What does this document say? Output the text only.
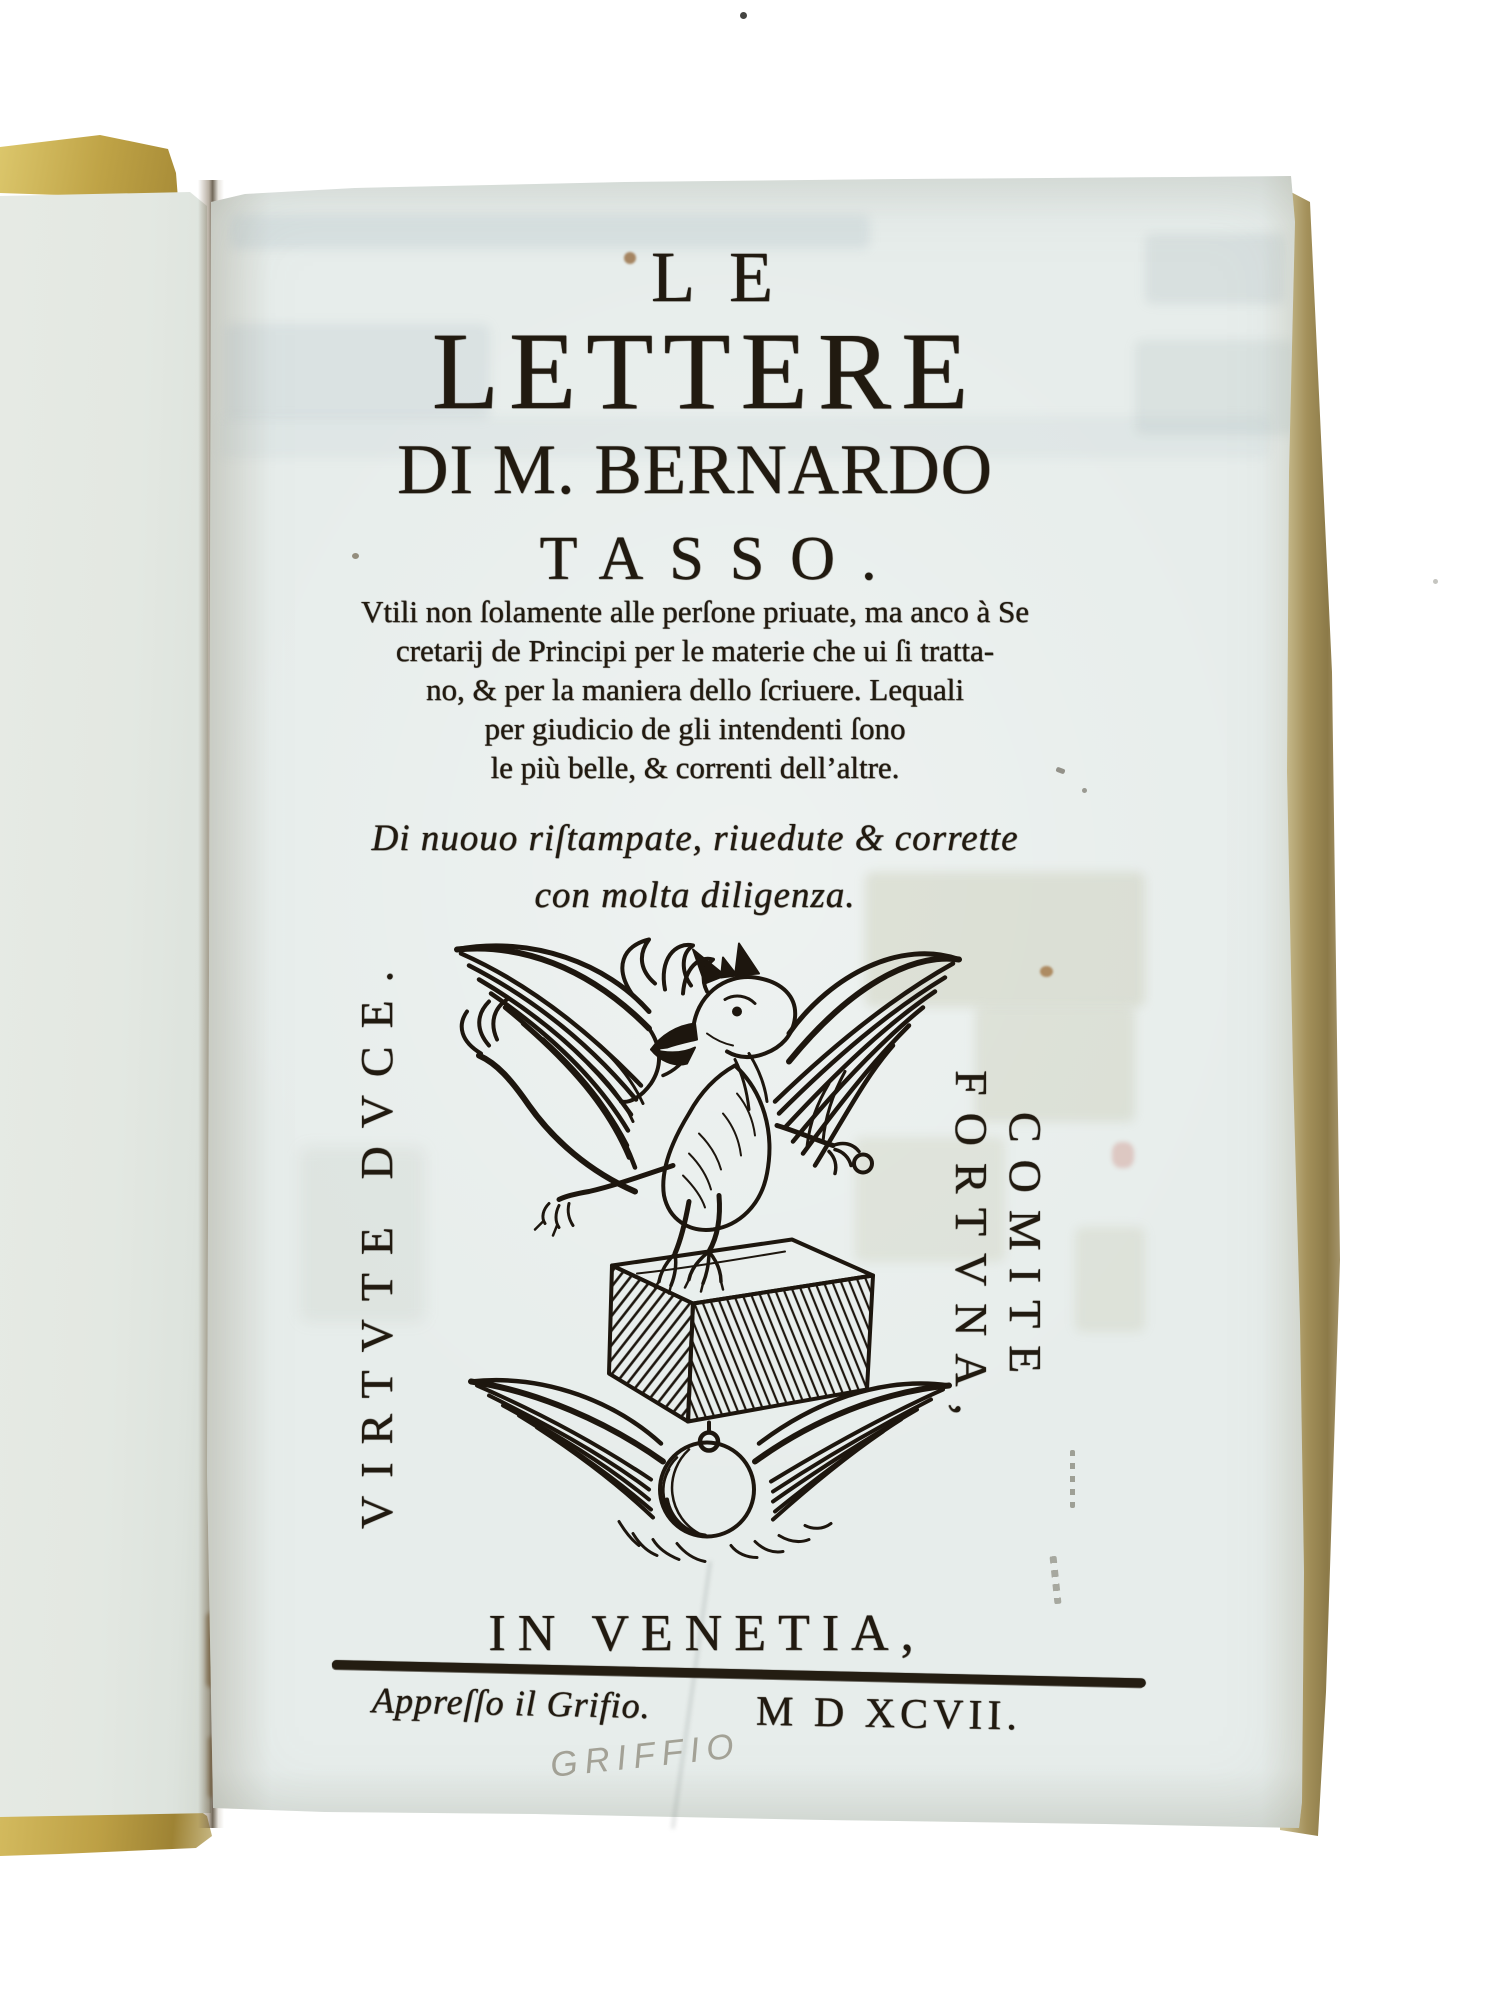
LE
LETTERE
DI M. BERNARDO
TASSO.
Vtili non ſolamente alle perſone priuate, ma anco à Se
cretarij de Principi per le materie che ui ſi tratta-
no, & per la maniera dello ſcriuere. Lequali
per giudicio de gli intendenti ſono
le più belle, & correnti dell’altre.
Di nuouo riſtampate, riuedute & corrette
con molta diligenza.
VIRTVTE DVCE.	COMITE FORTVNA,
IN VENETIA,
Appreſſo il Grifio. M D XCVII.
GRIFFIO
